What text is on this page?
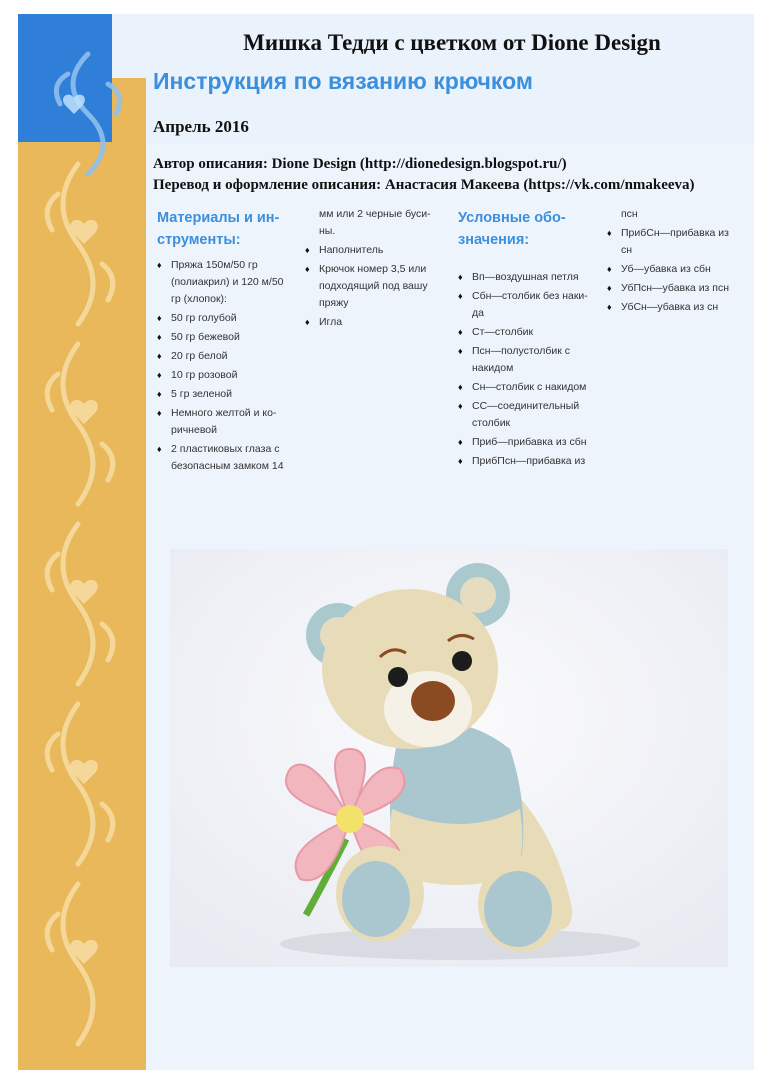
Мишка Тедди с цветком от Dione Design
Инструкция по вязанию крючком
Апрель 2016
Автор описания: Dione Design (http://dionedesign.blogspot.ru/)
Перевод и оформление описания: Анастасия Макеева (https://vk.com/nmakeeva)
Материалы и ин-
струменты:
♦ Пряжа 150м/50 гр
(полиакрил) и 120 м/50
гр (хлопок):
♦ 50 гр голубой
♦ 50 гр бежевой
♦ 20 гр белой
♦ 10 гр розовой
♦ 5 гр зеленой
♦ Немного желтой и ко-
ричневой
♦ 2 пластиковых глаза с
безопасным замком 14

мм или 2 черные буси-
ны.

♦ Наполнитель
♦ Крючок номер 3,5 или
подходящий под вашу
пряжу
♦ Игла
Условные обо-
значения:
♦ Вп—воздушная петля
♦ Сбн—столбик без наки-
да
♦ Ст—столбик
♦ Псн—полустолбик с
накидом
♦ Сн—столбик с накидом
♦ СС—соединительный
столбик
♦ Приб—прибавка из сбн
♦ ПрибПсн—прибавка из

псн

♦ ПрибСн—прибавка из
сн
♦ Уб—убавка из сбн
♦ УбПсн—убавка из псн
♦ УбСн—убавка из сн
